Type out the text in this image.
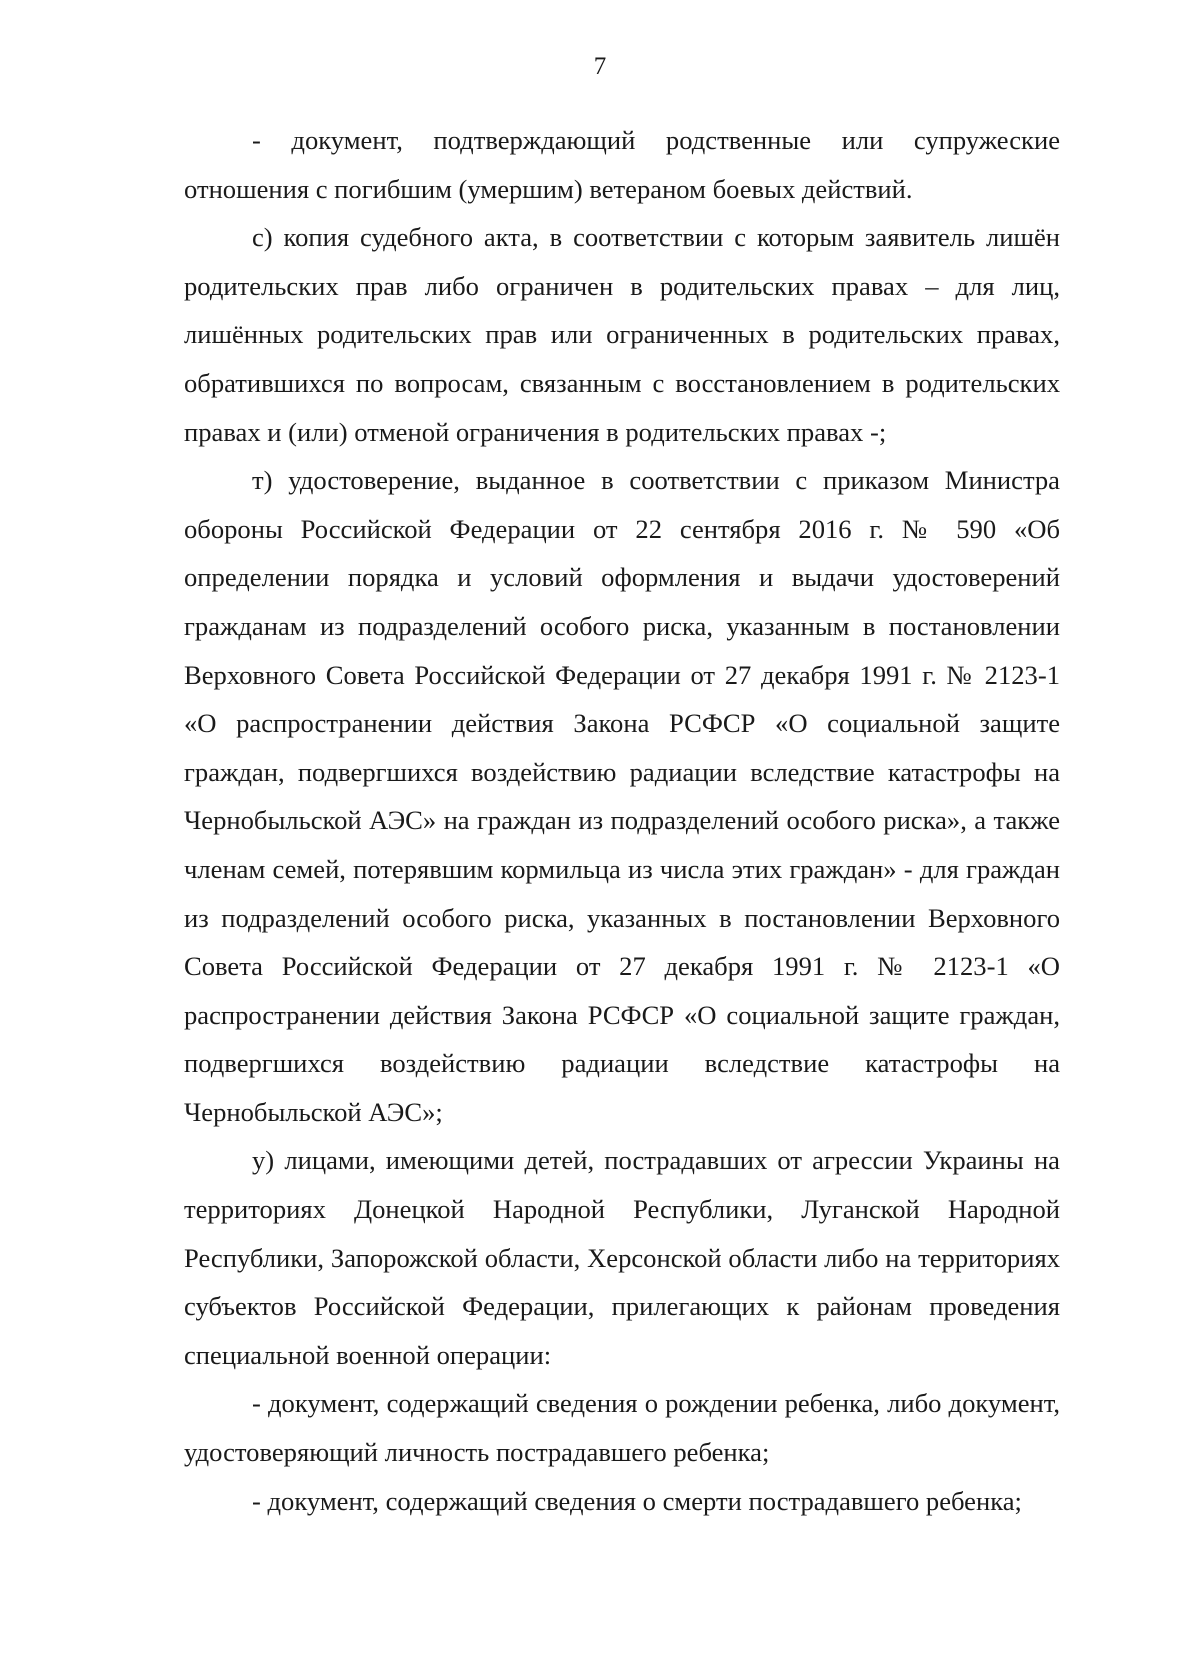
7

- документ, подтверждающий родственные или супружеские отношения с погибшим (умершим) ветераном боевых действий.

с) копия судебного акта, в соответствии с которым заявитель лишён родительских прав либо ограничен в родительских правах – для лиц, лишённых родительских прав или ограниченных в родительских правах, обратившихся по вопросам, связанным с восстановлением в родительских правах и (или) отменой ограничения в родительских правах -;

т) удостоверение, выданное в соответствии с приказом Министра обороны Российской Федерации от 22 сентября 2016 г. № 590 «Об определении порядка и условий оформления и выдачи удостоверений гражданам из подразделений особого риска, указанным в постановлении Верховного Совета Российской Федерации от 27 декабря 1991 г. № 2123-1 «О распространении действия Закона РСФСР «О социальной защите граждан, подвергшихся воздействию радиации вследствие катастрофы на Чернобыльской АЭС» на граждан из подразделений особого риска», а также членам семей, потерявшим кормильца из числа этих граждан» - для граждан из подразделений особого риска, указанных в постановлении Верховного Совета Российской Федерации от 27 декабря 1991 г. № 2123-1 «О распространении действия Закона РСФСР «О социальной защите граждан, подвергшихся воздействию радиации вследствие катастрофы на Чернобыльской АЭС»;

у) лицами, имеющими детей, пострадавших от агрессии Украины на территориях Донецкой Народной Республики, Луганской Народной Республики, Запорожской области, Херсонской области либо на территориях субъектов Российской Федерации, прилегающих к районам проведения специальной военной операции:

- документ, содержащий сведения о рождении ребенка, либо документ, удостоверяющий личность пострадавшего ребенка;

- документ, содержащий сведения о смерти пострадавшего ребенка;
